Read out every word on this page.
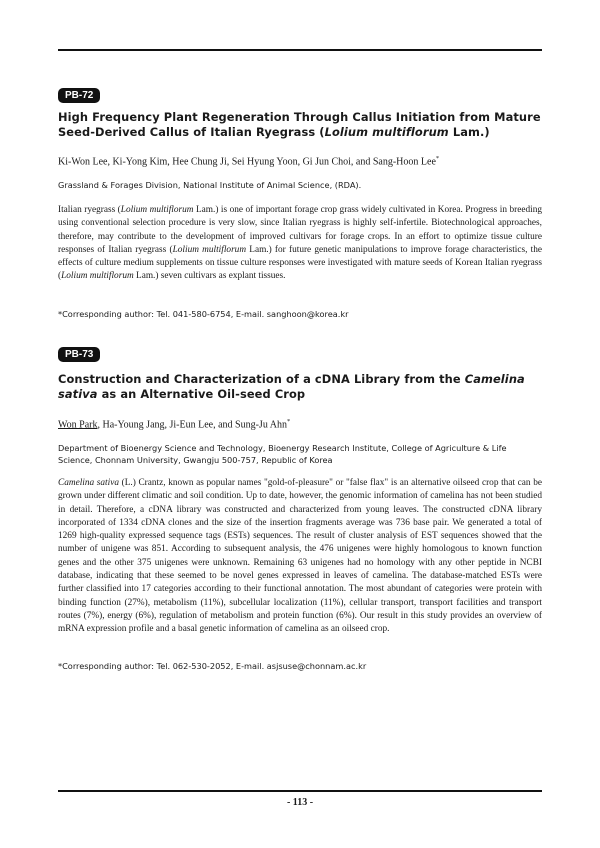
PB-72
High Frequency Plant Regeneration Through Callus Initiation from Mature Seed-Derived Callus of Italian Ryegrass (Lolium multiflorum Lam.)
Ki-Won Lee, Ki-Yong Kim, Hee Chung Ji, Sei Hyung Yoon, Gi Jun Choi, and Sang-Hoon Lee*
Grassland & Forages Division, National Institute of Animal Science, (RDA).
Italian ryegrass (Lolium multiflorum Lam.) is one of important forage crop grass widely cultivated in Korea. Progress in breeding using conventional selection procedure is very slow, since Italian ryegrass is highly self-infertile. Biotechnological approaches, therefore, may contribute to the development of improved cultivars for forage crops. In an effort to optimize tissue culture responses of Italian ryegrass (Lolium multiflorum Lam.) for future genetic manipulations to improve forage characteristics, the effects of culture medium supplements on tissue culture responses were investigated with mature seeds of Korean Italian ryegrass (Lolium multiflorum Lam.) seven cultivars as explant tissues.
*Corresponding author: Tel. 041-580-6754, E-mail. sanghoon@korea.kr
PB-73
Construction and Characterization of a cDNA Library from the Camelina sativa as an Alternative Oil-seed Crop
Won Park, Ha-Young Jang, Ji-Eun Lee, and Sung-Ju Ahn*
Department of Bioenergy Science and Technology, Bioenergy Research Institute, College of Agriculture & Life Science, Chonnam University, Gwangju 500-757, Republic of Korea
Camelina sativa (L.) Crantz, known as popular names "gold-of-pleasure" or "false flax" is an alternative oilseed crop that can be grown under different climatic and soil condition. Up to date, however, the genomic information of camelina has not been studied in detail. Therefore, a cDNA library was constructed and characterized from young leaves. The constructed cDNA library incorporated of 1334 cDNA clones and the size of the insertion fragments average was 736 base pair. We generated a total of 1269 high-quality expressed sequence tags (ESTs) sequences. The result of cluster analysis of EST sequences showed that the number of unigene was 851. According to subsequent analysis, the 476 unigenes were highly homologous to known function genes and the other 375 unigenes were unknown. Remaining 63 unigenes had no homology with any other peptide in NCBI database, indicating that these seemed to be novel genes expressed in leaves of camelina. The database-matched ESTs were further classified into 17 categories according to their functional annotation. The most abundant of categories were protein with binding function (27%), metabolism (11%), subcellular localization (11%), cellular transport, transport facilities and transport routes (7%), energy (6%), regulation of metabolism and protein function (6%). Our result in this study provides an overview of mRNA expression profile and a basal genetic information of camelina as an oilseed crop.
*Corresponding author: Tel. 062-530-2052, E-mail. asjsuse@chonnam.ac.kr
- 113 -
